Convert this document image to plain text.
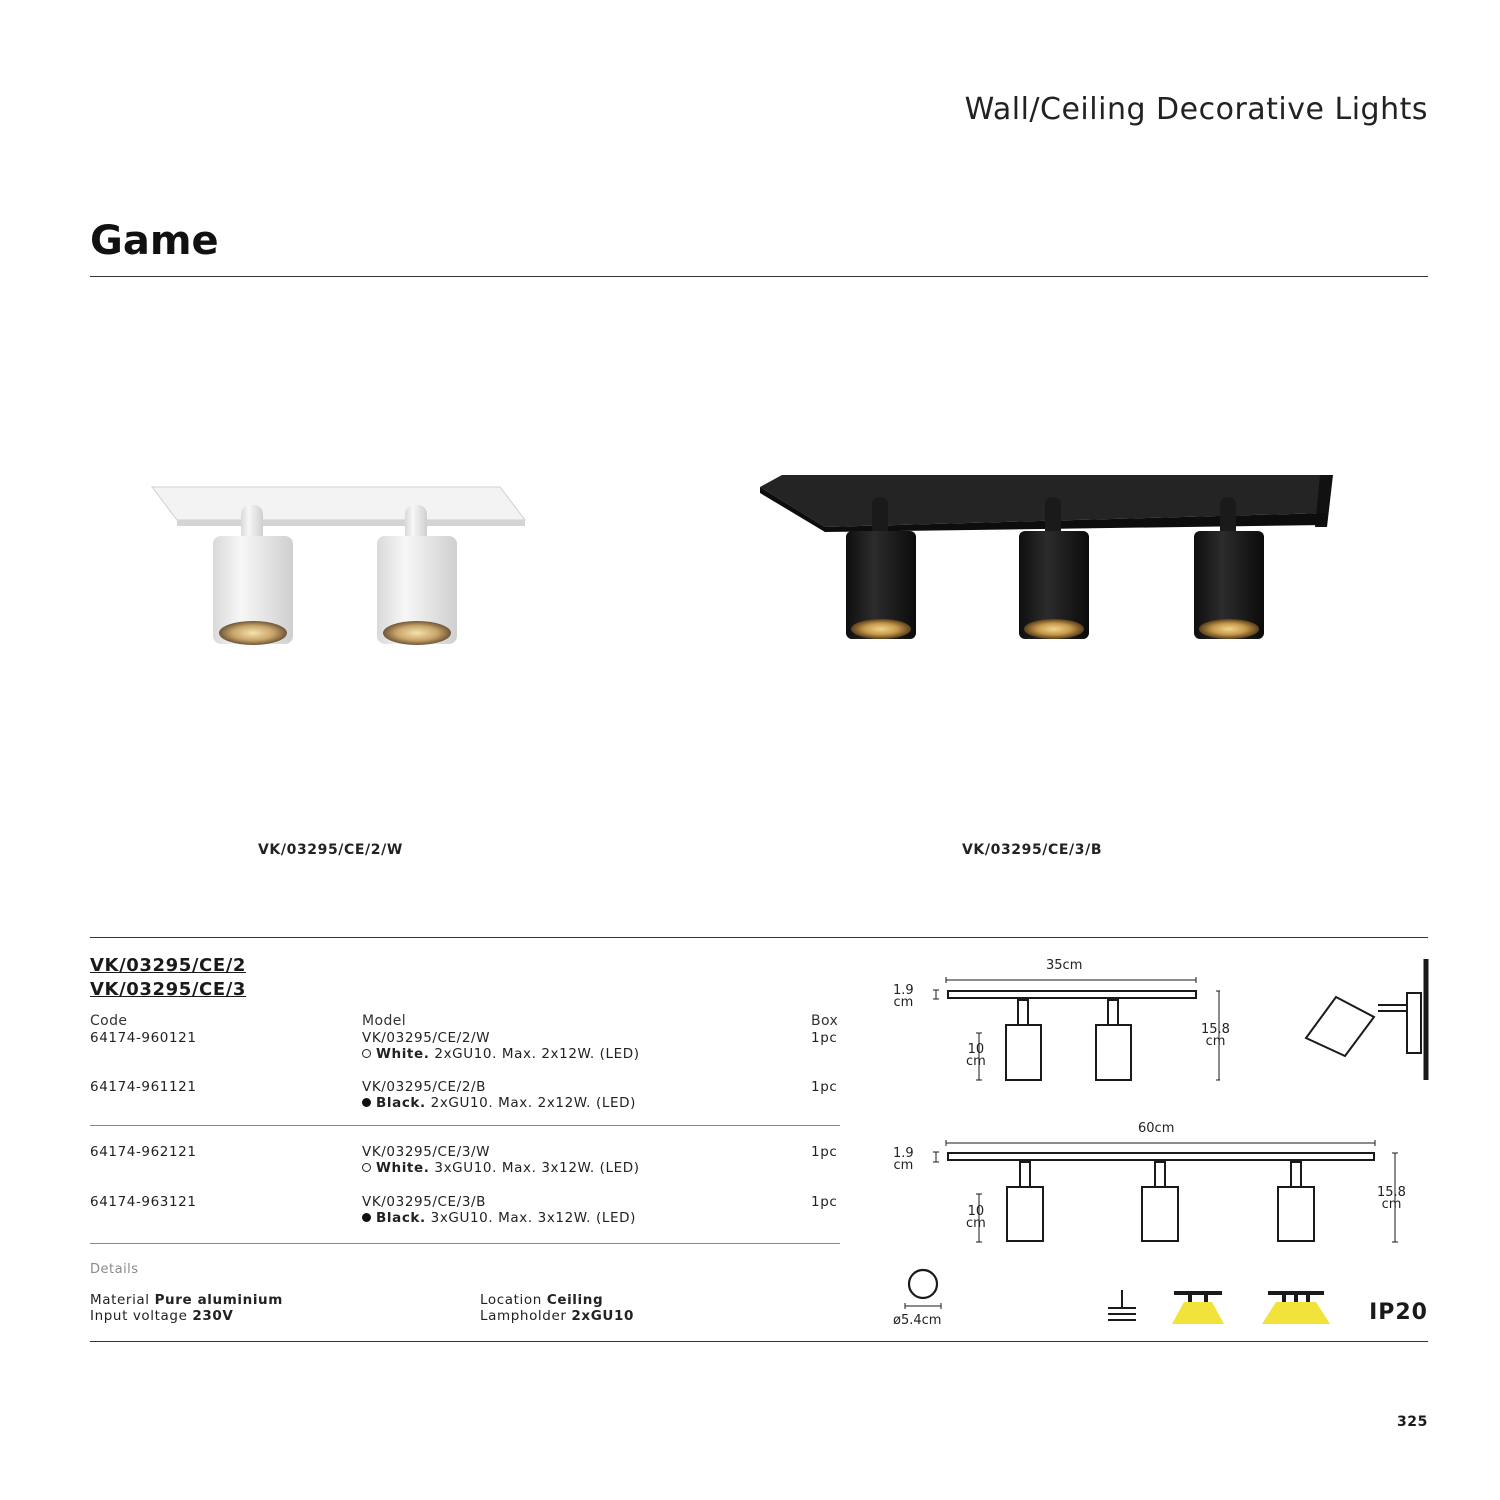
Wall/Ceiling Decorative Lights
Game
VK/03295/CE/2/W	VK/03295/CE/3/B
VK/03295/CE/2
VK/03295/CE/3
Code	Model	Box
64174-960121	VK/03295/CE/2/W
White. 2xGU10. Max. 2x12W. (LED)
1pc
64174-961121	VK/03295/CE/2/B
Black. 2xGU10. Max. 2x12W. (LED)
1pc
64174-962121	VK/03295/CE/3/W
White. 3xGU10. Max. 3x12W. (LED)
1pc
64174-963121	VK/03295/CE/3/B
Black. 3xGU10. Max. 3x12W. (LED)
1pc
Details
Material Pure aluminium
Input voltage 230V
Location Ceiling
Lampholder 2xGU10
35cm
1.9
cm
10
cm
15.8
cm
60cm
1.9
cm
10
cm
15.8
cm
ø5.4cm	IP20
325
